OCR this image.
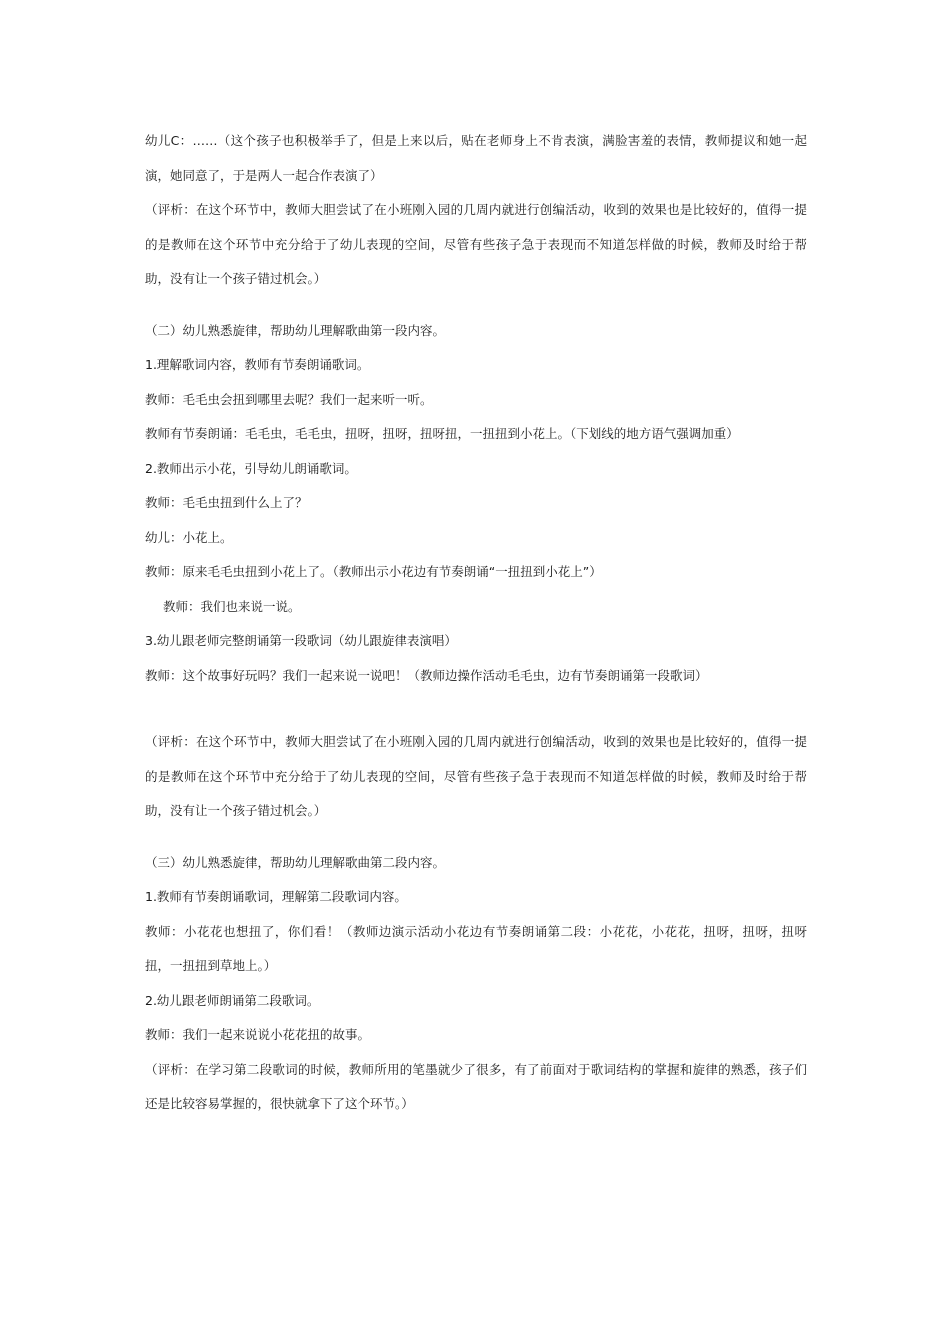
幼儿C：……（这个孩子也积极举手了，但是上来以后，贴在老师身上不肯表演，满脸害羞的表情，教师提议和她一起演，她同意了，于是两人一起合作表演了）

（评析：在这个环节中，教师大胆尝试了在小班刚入园的几周内就进行创编活动，收到的效果也是比较好的，值得一提的是教师在这个环节中充分给于了幼儿表现的空间，尽管有些孩子急于表现而不知道怎样做的时候，教师及时给于帮助，没有让一个孩子错过机会。）

（二）幼儿熟悉旋律，帮助幼儿理解歌曲第一段内容。

1.理解歌词内容，教师有节奏朗诵歌词。

教师：毛毛虫会扭到哪里去呢？我们一起来听一听。

教师有节奏朗诵：毛毛虫，毛毛虫，扭呀，扭呀，扭呀扭，一扭扭到小花上。（下划线的地方语气强调加重）

2.教师出示小花，引导幼儿朗诵歌词。

教师：毛毛虫扭到什么上了？

幼儿：小花上。

教师：原来毛毛虫扭到小花上了。（教师出示小花边有节奏朗诵“一扭扭到小花上”）

教师：我们也来说一说。

3.幼儿跟老师完整朗诵第一段歌词（幼儿跟旋律表演唱）

教师：这个故事好玩吗？我们一起来说一说吧！（教师边操作活动毛毛虫，边有节奏朗诵第一段歌词）

（评析：在这个环节中，教师大胆尝试了在小班刚入园的几周内就进行创编活动，收到的效果也是比较好的，值得一提的是教师在这个环节中充分给于了幼儿表现的空间，尽管有些孩子急于表现而不知道怎样做的时候，教师及时给于帮助，没有让一个孩子错过机会。）

（三）幼儿熟悉旋律，帮助幼儿理解歌曲第二段内容。

1.教师有节奏朗诵歌词，理解第二段歌词内容。

教师：小花花也想扭了，你们看！（教师边演示活动小花边有节奏朗诵第二段：小花花，小花花，扭呀，扭呀，扭呀扭，一扭扭到草地上。）

2.幼儿跟老师朗诵第二段歌词。

教师：我们一起来说说小花花扭的故事。

（评析：在学习第二段歌词的时候，教师所用的笔墨就少了很多，有了前面对于歌词结构的掌握和旋律的熟悉，孩子们还是比较容易掌握的，很快就拿下了这个环节。）
